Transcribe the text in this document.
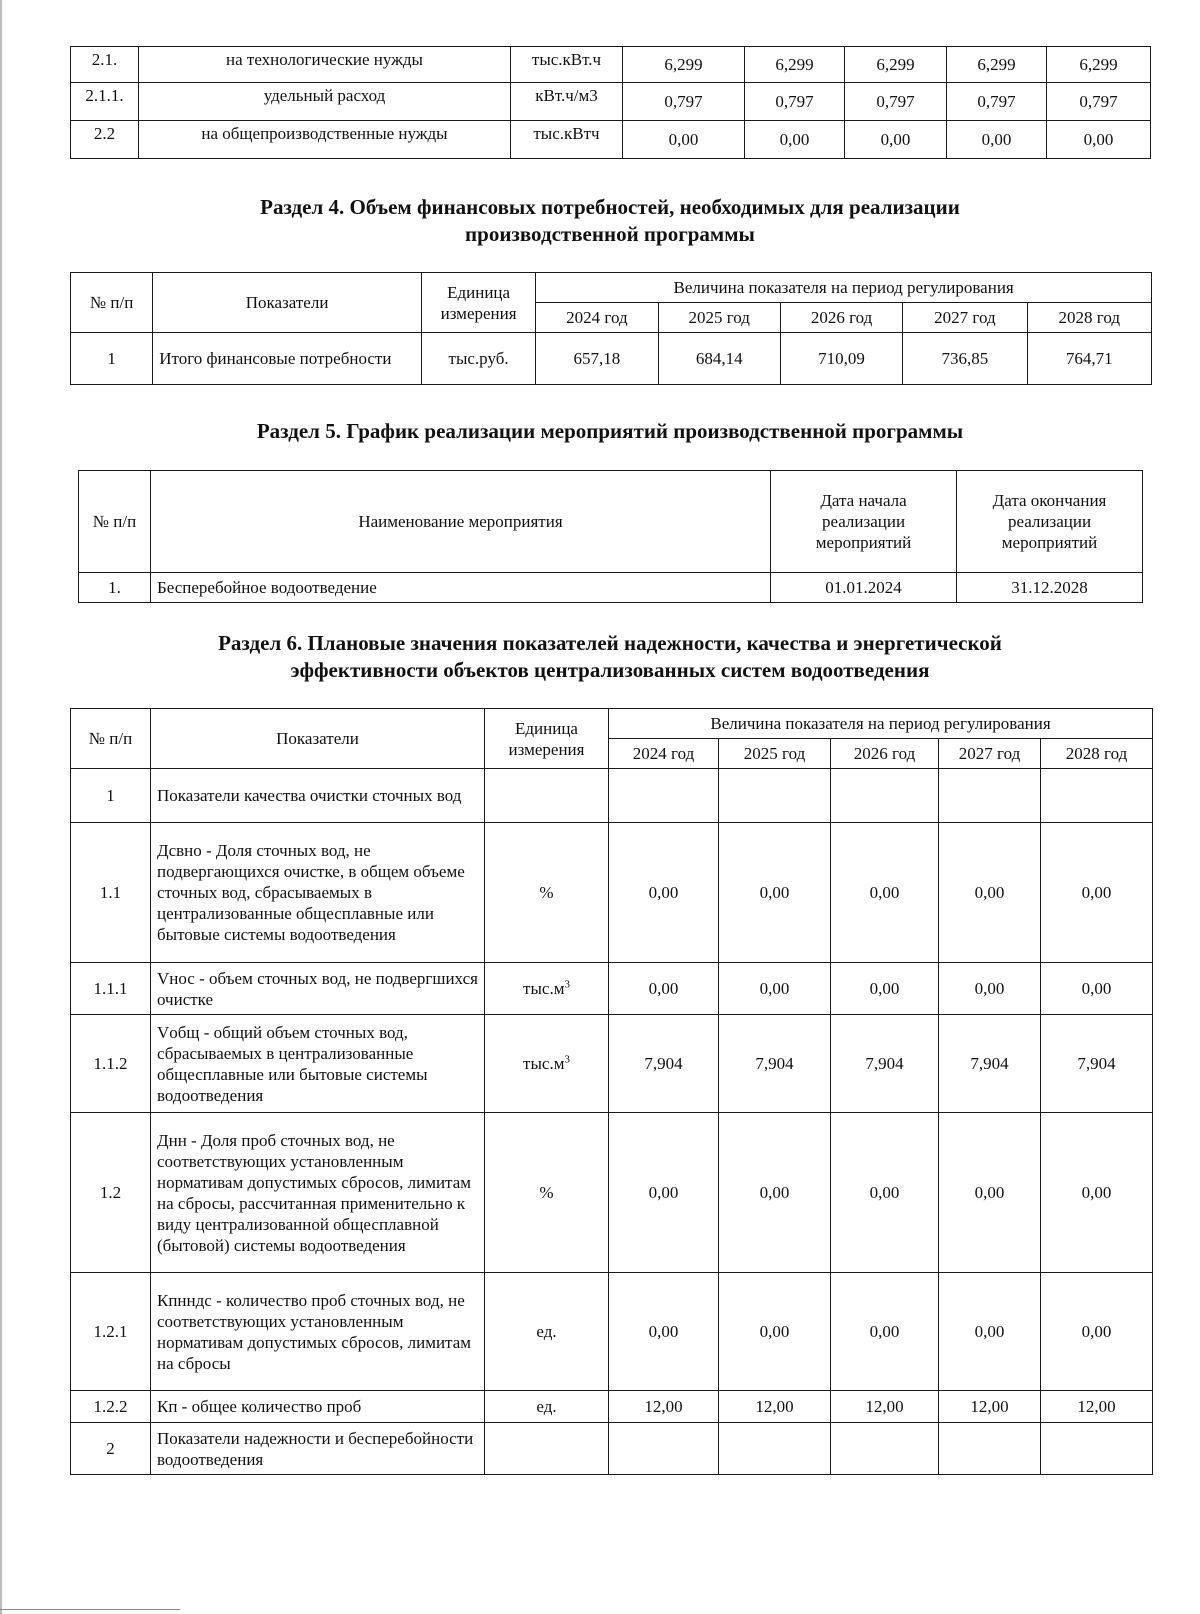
2.1.	на технологические нужды	тыс.кВт.ч	6,299	6,299	6,299	6,299	6,299
2.1.1.	удельный расход	кВт.ч/м3	0,797	0,797	0,797	0,797	0,797
2.2	на общепроизводственные нужды	тыс.кВтч	0,00	0,00	0,00	0,00	0,00
Раздел 4. Объем финансовых потребностей, необходимых для реализации
производственной программы
№ п/п	Показатели	Единица измерения	Величина показателя на период регулирования				
			2024 год	2025 год	2026 год	2027 год	2028 год
1	Итого финансовые потребности	тыс.руб.	657,18	684,14	710,09	736,85	764,71
Раздел 5. График реализации мероприятий производственной программы
№ п/п	Наименование мероприятия	Дата начала реализации мероприятий	Дата окончания реализации мероприятий
1.	Бесперебойное водоотведение	01.01.2024	31.12.2028
Раздел 6. Плановые значения показателей надежности, качества и энергетической
эффективности объектов централизованных систем водоотведения
№ п/п	Показатели	Единица измерения	Величина показателя на период регулирования				
			2024 год	2025 год	2026 год	2027 год	2028 год
1	Показатели качества очистки сточных вод						
1.1	Дсвно - Доля сточных вод, не подвергающихся очистке, в общем объеме сточных вод, сбрасываемых в централизованные общесплавные или бытовые системы водоотведения	%	0,00	0,00	0,00	0,00	0,00
1.1.1	Vнос - объем сточных вод, не подвергшихся очистке	$тыс.м^3$	0,00	0,00	0,00	0,00	0,00
1.1.2	Vобщ - общий объем сточных вод, сбрасываемых в централизованные общесплавные или бытовые системы водоотведения	$тыс.м^3$	7,904	7,904	7,904	7,904	7,904
1.2	Днн - Доля проб сточных вод, не соответствующих установленным нормативам допустимых сбросов, лимитам на сбросы, рассчитанная применительно к виду централизованной общесплавной (бытовой) системы водоотведения	%	0,00	0,00	0,00	0,00	0,00
1.2.1	Кпнндс - количество проб сточных вод, не соответствующих установленным нормативам допустимых сбросов, лимитам на сбросы	ед.	0,00	0,00	0,00	0,00	0,00
1.2.2	Кп - общее количество проб	ед.	12,00	12,00	12,00	12,00	12,00
2	Показатели надежности и бесперебойности водоотведения						
